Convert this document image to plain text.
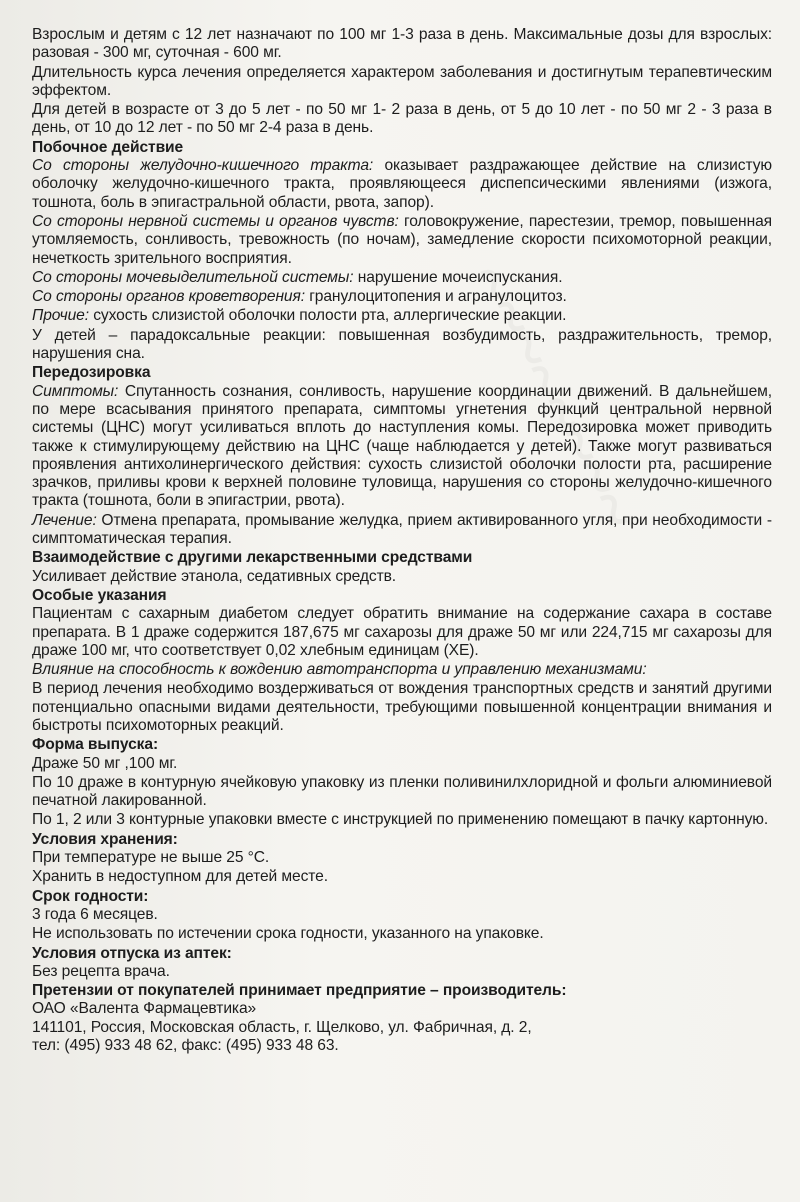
Взрослым и детям с 12 лет назначают по 100 мг 1-3 раза в день. Максимальные дозы для взрослых: разовая - 300 мг, суточная - 600 мг.

Длительность курса лечения определяется характером заболевания и достигнутым терапевтическим эффектом.

Для детей в возрасте от 3 до 5 лет - по 50 мг 1- 2 раза в день, от 5 до 10 лет - по 50 мг 2 - 3 раза в день, от 10 до 12 лет - по 50 мг 2-4 раза в день.

Побочное действие

Со стороны желудочно-кишечного тракта: оказывает раздражающее действие на слизистую оболочку желудочно-кишечного тракта, проявляющееся диспепсическими явлениями (изжога, тошнота, боль в эпигастральной области, рвота, запор).

Со стороны нервной системы и органов чувств: головокружение, парестезии, тремор, повышенная утомляемость, сонливость, тревожность (по ночам), замедление скорости психомоторной реакции, нечеткость зрительного восприятия.

Со стороны мочевыделительной системы: нарушение мочеиспускания.

Со стороны органов кроветворения: гранулоцитопения и агранулоцитоз.

Прочие: сухость слизистой оболочки полости рта, аллергические реакции.

У детей – парадоксальные реакции: повышенная возбудимость, раздражительность, тремор, нарушения сна.

Передозировка

Симптомы: Спутанность сознания, сонливость, нарушение координации движений. В дальнейшем, по мере всасывания принятого препарата, симптомы угнетения функций центральной нервной системы (ЦНС) могут усиливаться вплоть до наступления комы. Передозировка может приводить также к стимулирующему действию на ЦНС (чаще наблюдается у детей). Также могут развиваться проявления антихолинергического действия: сухость слизистой оболочки полости рта, расширение зрачков, приливы крови к верхней половине туловища, нарушения со стороны желудочно-кишечного тракта (тошнота, боли в эпигастрии, рвота).

Лечение: Отмена препарата, промывание желудка, прием активированного угля, при необходимости - симптоматическая терапия.

Взаимодействие с другими лекарственными средствами

Усиливает действие этанола, седативных средств.

Особые указания

Пациентам с сахарным диабетом следует обратить внимание на содержание сахара в составе препарата. В 1 драже содержится 187,675 мг сахарозы для драже 50 мг или 224,715 мг сахарозы для драже 100 мг, что соответствует 0,02 хлебным единицам (ХЕ).

Влияние на способность к вождению автотранспорта и управлению механизмами:

В период лечения необходимо воздерживаться от вождения транспортных средств и занятий другими потенциально опасными видами деятельности, требующими повышенной концентрации внимания и быстроты психомоторных реакций.

Форма выпуска:

Драже 50 мг ,100 мг.

По 10 драже в контурную ячейковую упаковку из пленки поливинилхлоридной и фольги алюминиевой печатной лакированной.

По 1, 2 или 3 контурные упаковки вместе с инструкцией по применению помещают в пачку картонную.

Условия хранения:

При температуре не выше 25 °С.

Хранить в недоступном для детей месте.

Срок годности:

3 года 6 месяцев.

Не использовать по истечении срока годности, указанного на упаковке.

Условия отпуска из аптек:

Без рецепта врача.

Претензии от покупателей принимает предприятие – производитель:

ОАО «Валента Фармацевтика»

141101, Россия, Московская область, г. Щелково, ул. Фабричная, д. 2,

тел: (495) 933 48 62, факс: (495) 933 48 63.
